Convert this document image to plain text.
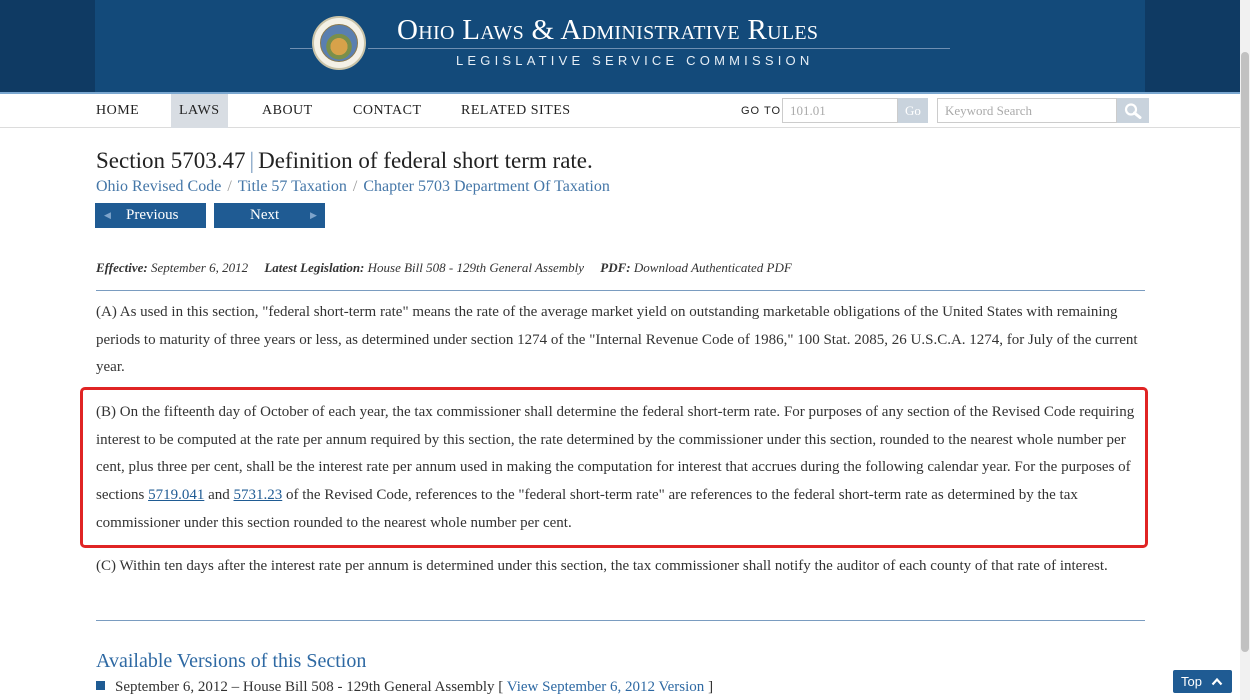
Ohio Laws & Administrative Rules
LEGISLATIVE SERVICE COMMISSION
HOME	LAWS	ABOUT	CONTACT	RELATED SITES	GO TO 101.01	Go	Keyword Search
Section 5703.47 | Definition of federal short term rate.
Ohio Revised Code / Title 57 Taxation / Chapter 5703 Department Of Taxation
◀ Previous	Next	▶
Effective: September 6, 2012 Latest Legislation: House Bill 508 - 129th General Assembly PDF: Download Authenticated PDF
(A) As used in this section, "federal short-term rate" means the rate of the average market yield on outstanding marketable obligations of the United States with remaining periods to maturity of three years or less, as determined under section 1274 of the "Internal Revenue Code of 1986," 100 Stat. 2085, 26 U.S.C.A. 1274, for July of the current year.
(B) On the fifteenth day of October of each year, the tax commissioner shall determine the federal short-term rate. For purposes of any section of the Revised Code requiring interest to be computed at the rate per annum required by this section, the rate determined by the commissioner under this section, rounded to the nearest whole number per cent, plus three per cent, shall be the interest rate per annum used in making the computation for interest that accrues during the following calendar year. For the purposes of sections 5719.041 and 5731.23 of the Revised Code, references to the "federal short-term rate" are references to the federal short-term rate as determined by the tax commissioner under this section rounded to the nearest whole number per cent.
(C) Within ten days after the interest rate per annum is determined under this section, the tax commissioner shall notify the auditor of each county of that rate of interest.
Available Versions of this Section
September 6, 2012 – House Bill 508 - 129th General Assembly [ View September 6, 2012 Version ]	Top
